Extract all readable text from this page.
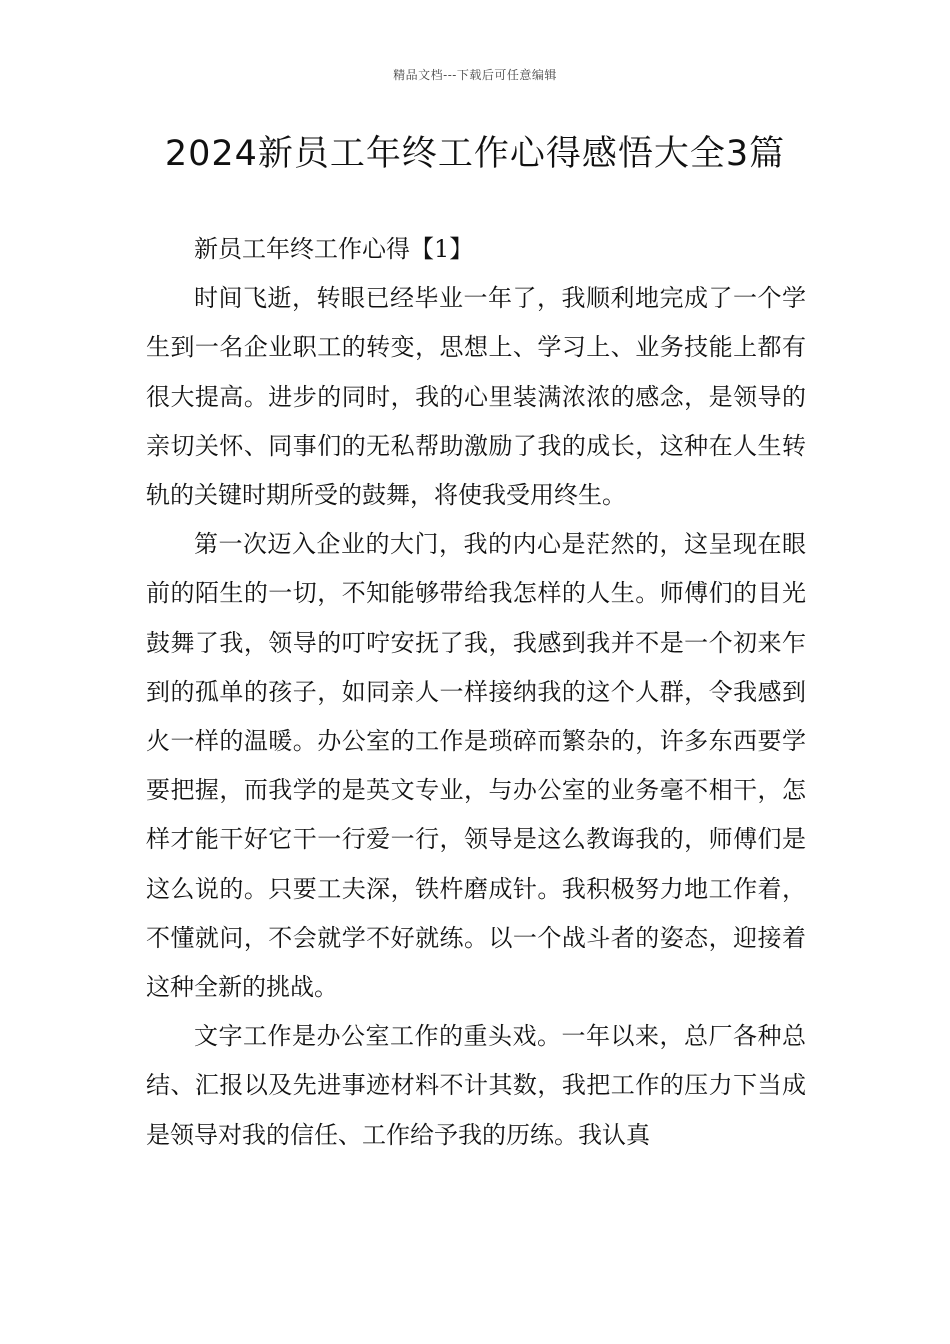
精品文档---下载后可任意编辑
2024新员工年终工作心得感悟大全3篇

新员工年终工作心得【1】

时间飞逝，转眼已经毕业一年了，我顺利地完成了一个学生到一名企业职工的转变，思想上、学习上、业务技能上都有很大提高。进步的同时，我的心里装满浓浓的感念，是领导的亲切关怀、同事们的无私帮助激励了我的成长，这种在人生转轨的关键时期所受的鼓舞，将使我受用终生。

第一次迈入企业的大门，我的内心是茫然的，这呈现在眼前的陌生的一切，不知能够带给我怎样的人生。师傅们的目光鼓舞了我，领导的叮咛安抚了我，我感到我并不是一个初来乍到的孤单的孩子，如同亲人一样接纳我的这个人群，令我感到火一样的温暖。办公室的工作是琐碎而繁杂的，许多东西要学要把握，而我学的是英文专业，与办公室的业务毫不相干，怎样才能干好它干一行爱一行，领导是这么教诲我的，师傅们是这么说的。只要工夫深，铁杵磨成针。我积极努力地工作着，不懂就问，不会就学不好就练。以一个战斗者的姿态，迎接着这种全新的挑战。

文字工作是办公室工作的重头戏。一年以来，总厂各种总结、汇报以及先进事迹材料不计其数，我把工作的压力下当成是领导对我的信任、工作给予我的历练。我认真
